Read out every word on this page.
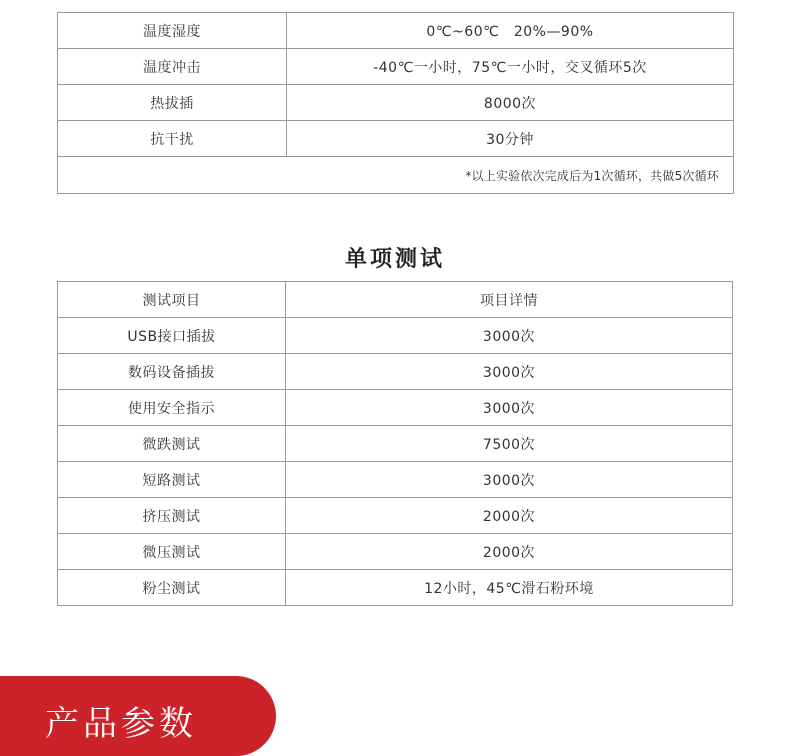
温度湿度	0℃~60℃　20%—90%
温度冲击	-40℃一小时，75℃一小时，交叉循环5次
热拔插	8000次
抗干扰	30分钟
*以上实验依次完成后为1次循环，共做5次循环	
单项测试
测试项目	项目详情
USB接口插拔	3000次
数码设备插拔	3000次
使用安全指示	3000次
微跌测试	7500次
短路测试	3000次
挤压测试	2000次
微压测试	2000次
粉尘测试	12小时，45℃滑石粉环境
产品参数
